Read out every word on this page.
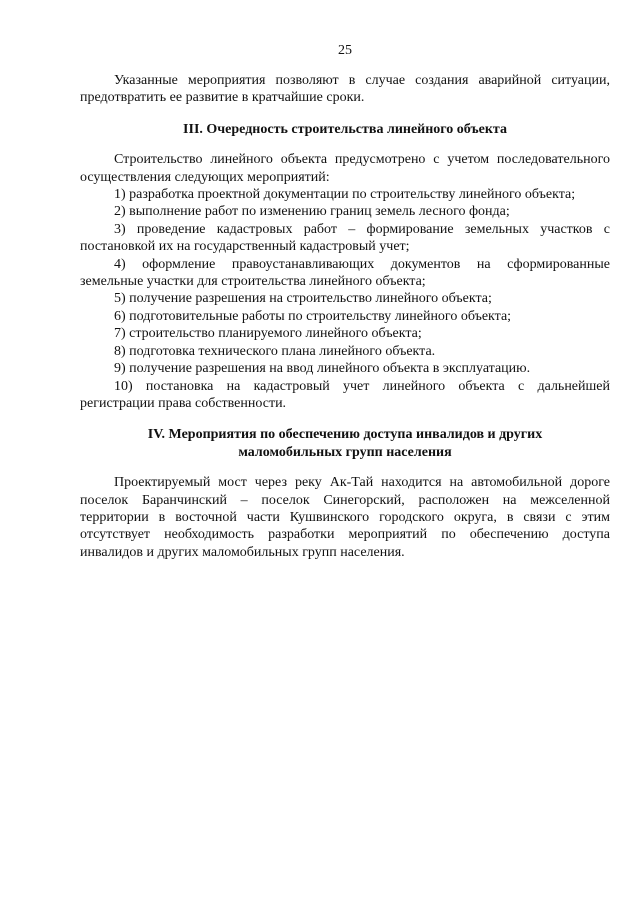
25

Указанные мероприятия позволяют в случае создания аварийной ситуации, предотвратить ее развитие в кратчайшие сроки.

III. Очередность строительства линейного объекта

Строительство линейного объекта предусмотрено с учетом последовательного осуществления следующих мероприятий:

1) разработка проектной документации по строительству линейного объекта;

2) выполнение работ по изменению границ земель лесного фонда;

3) проведение кадастровых работ – формирование земельных участков с постановкой их на государственный кадастровый учет;

4) оформление правоустанавливающих документов на сформированные земельные участки для строительства линейного объекта;

5) получение разрешения на строительство линейного объекта;

6) подготовительные работы по строительству линейного объекта;

7) строительство планируемого линейного объекта;

8) подготовка технического плана линейного объекта.

9) получение разрешения на ввод линейного объекта в эксплуатацию.

10) постановка на кадастровый учет линейного объекта с дальнейшей регистрации права собственности.

IV. Мероприятия по обеспечению доступа инвалидов и других
маломобильных групп населения

Проектируемый мост через реку Ак-Тай находится на автомобильной дороге поселок Баранчинский – поселок Синегорский, расположен на межселенной территории в восточной части Кушвинского городского округа, в связи с этим отсутствует необходимость разработки мероприятий по обеспечению доступа инвалидов и других маломобильных групп населения.
